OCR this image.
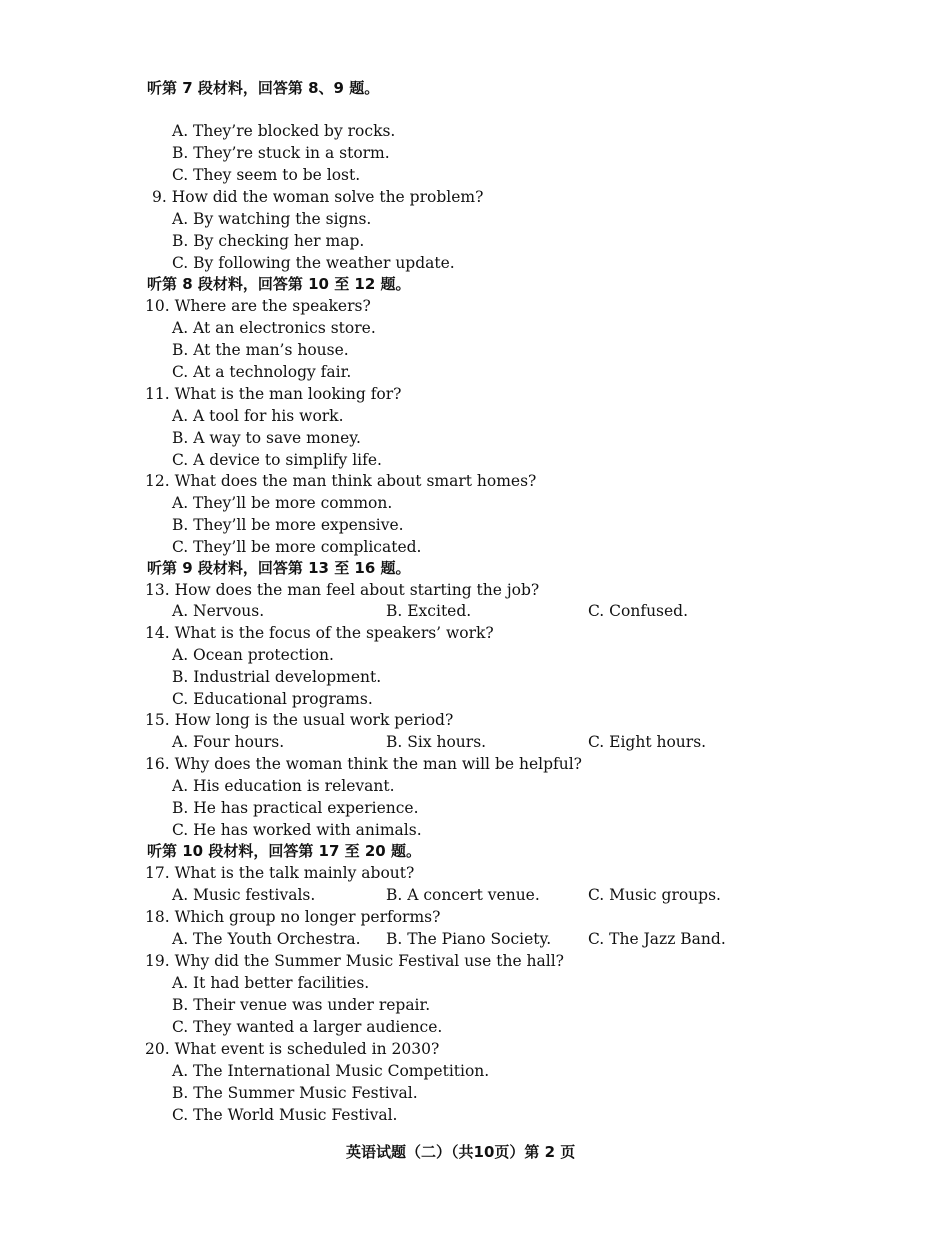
听第 7 段材料，回答第 8、9 题。
A. They’re blocked by rocks.
B. They’re stuck in a storm.
C. They seem to be lost.
9. How did the woman solve the problem?
A. By watching the signs.
B. By checking her map.
C. By following the weather update.
听第 8 段材料，回答第 10 至 12 题。
10. Where are the speakers?
A. At an electronics store.
B. At the man’s house.
C. At a technology fair.
11. What is the man looking for?
A. A tool for his work.
B. A way to save money.
C. A device to simplify life.
12. What does the man think about smart homes?
A. They’ll be more common.
B. They’ll be more expensive.
C. They’ll be more complicated.
听第 9 段材料，回答第 13 至 16 题。
13. How does the man feel about starting the job?
A. Nervous.	B. Excited.	C. Confused.
14. What is the focus of the speakers’ work?
A. Ocean protection.
B. Industrial development.
C. Educational programs.
15. How long is the usual work period?
A. Four hours.	B. Six hours.	C. Eight hours.
16. Why does the woman think the man will be helpful?
A. His education is relevant.
B. He has practical experience.
C. He has worked with animals.
听第 10 段材料，回答第 17 至 20 题。
17. What is the talk mainly about?
A. Music festivals.	B. A concert venue.	C. Music groups.
18. Which group no longer performs?
A. The Youth Orchestra. B. The Piano Society. C. The Jazz Band.
19. Why did the Summer Music Festival use the hall?
A. It had better facilities.
B. Their venue was under repair.
C. They wanted a larger audience.
20. What event is scheduled in 2030?
A. The International Music Competition.
B. The Summer Music Festival.
C. The World Music Festival.
英语试题（二）（共10页）第 2 页
